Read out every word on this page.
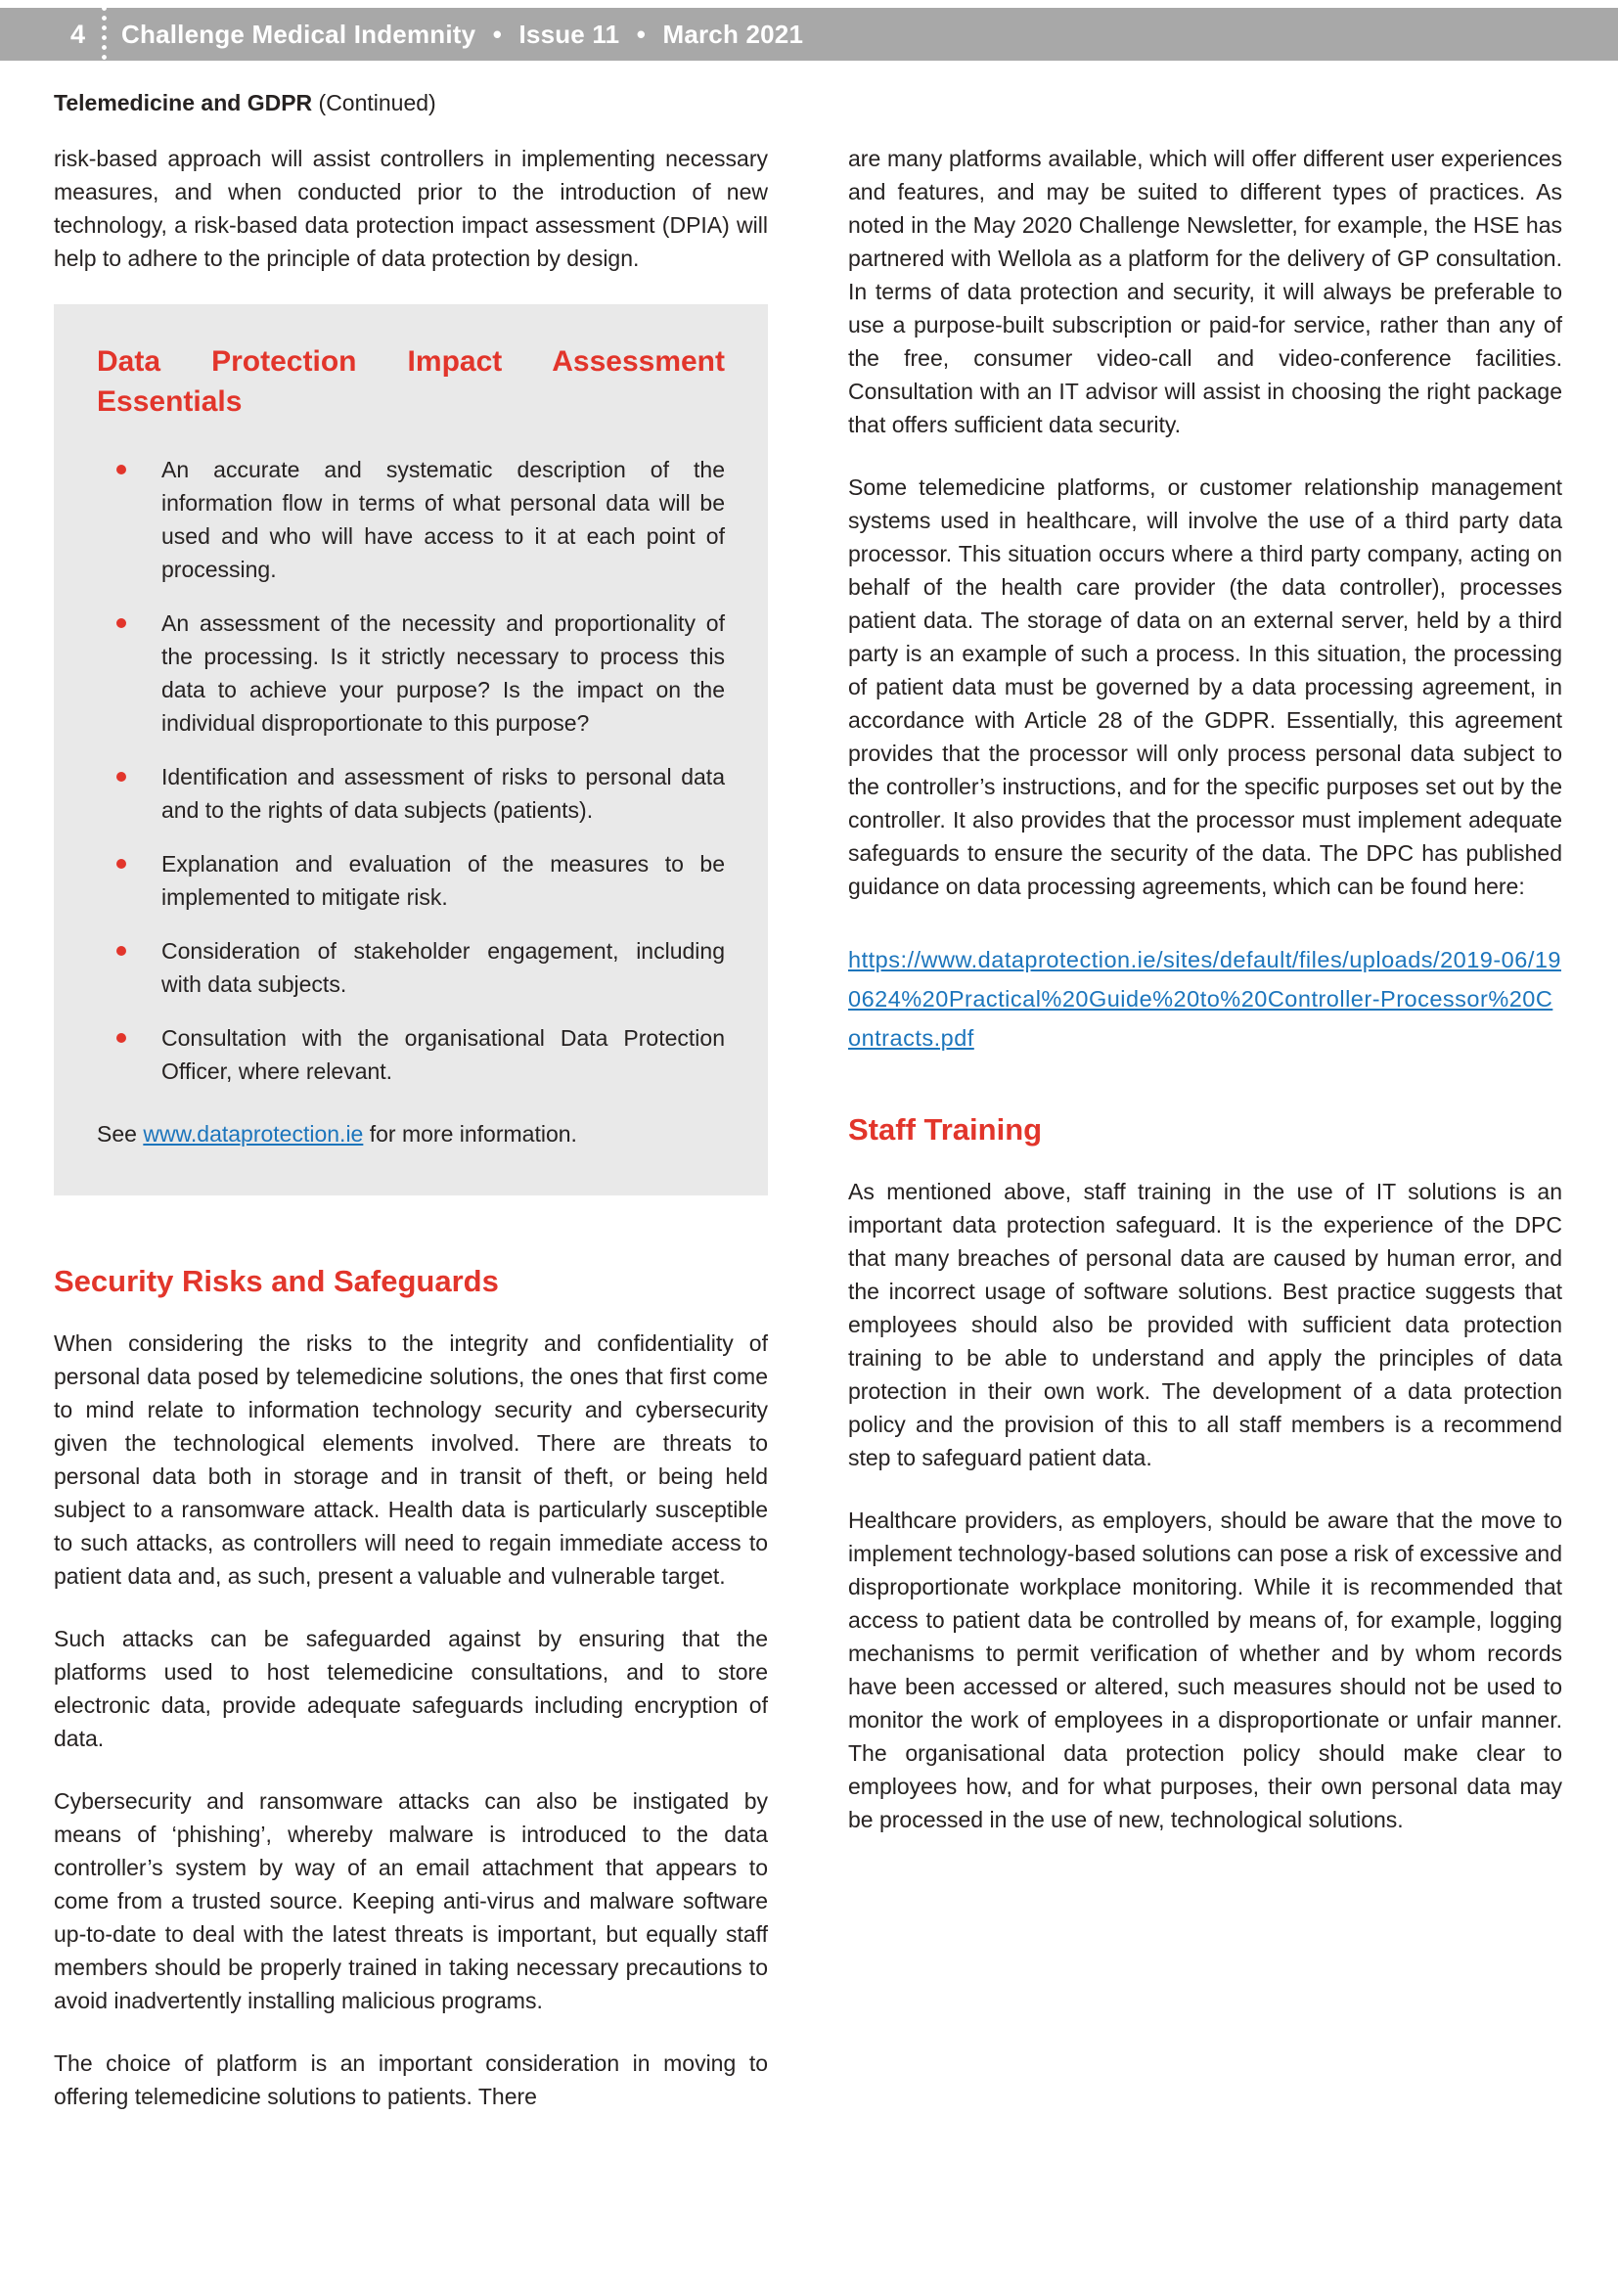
4 Challenge Medical Indemnity • Issue 11 • March 2021
Telemedicine and GDPR (Continued)

risk-based approach will assist controllers in implementing necessary measures, and when conducted prior to the introduction of new technology, a risk-based data protection impact assessment (DPIA) will help to adhere to the principle of data protection by design.

Data Protection Impact Assessment Essentials
An accurate and systematic description of the information flow in terms of what personal data will be used and who will have access to it at each point of processing.
An assessment of the necessity and proportionality of the processing. Is it strictly necessary to process this data to achieve your purpose? Is the impact on the individual disproportionate to this purpose?
Identification and assessment of risks to personal data and to the rights of data subjects (patients).
Explanation and evaluation of the measures to be implemented to mitigate risk.
Consideration of stakeholder engagement, including with data subjects.
Consultation with the organisational Data Protection Officer, where relevant.
See www.dataprotection.ie for more information.
Security Risks and Safeguards

When considering the risks to the integrity and confidentiality of personal data posed by telemedicine solutions, the ones that first come to mind relate to information technology security and cybersecurity given the technological elements involved. There are threats to personal data both in storage and in transit of theft, or being held subject to a ransomware attack. Health data is particularly susceptible to such attacks, as controllers will need to regain immediate access to patient data and, as such, present a valuable and vulnerable target.

Such attacks can be safeguarded against by ensuring that the platforms used to host telemedicine consultations, and to store electronic data, provide adequate safeguards including encryption of data.

Cybersecurity and ransomware attacks can also be instigated by means of ‘phishing’, whereby malware is introduced to the data controller’s system by way of an email attachment that appears to come from a trusted source. Keeping anti-virus and malware software up-to-date to deal with the latest threats is important, but equally staff members should be properly trained in taking necessary precautions to avoid inadvertently installing malicious programs.

The choice of platform is an important consideration in moving to offering telemedicine solutions to patients. There

are many platforms available, which will offer different user experiences and features, and may be suited to different types of practices. As noted in the May 2020 Challenge Newsletter, for example, the HSE has partnered with Wellola as a platform for the delivery of GP consultation. In terms of data protection and security, it will always be preferable to use a purpose-built subscription or paid-for service, rather than any of the free, consumer video-call and video-conference facilities. Consultation with an IT advisor will assist in choosing the right package that offers sufficient data security.

Some telemedicine platforms, or customer relationship management systems used in healthcare, will involve the use of a third party data processor. This situation occurs where a third party company, acting on behalf of the health care provider (the data controller), processes patient data. The storage of data on an external server, held by a third party is an example of such a process. In this situation, the processing of patient data must be governed by a data processing agreement, in accordance with Article 28 of the GDPR. Essentially, this agreement provides that the processor will only process personal data subject to the controller’s instructions, and for the specific purposes set out by the controller. It also provides that the processor must implement adequate safeguards to ensure the security of the data. The DPC has published guidance on data processing agreements, which can be found here:

https://www.dataprotection.ie/sites/default/files/uploads/2019-06/190624%20Practical%20Guide%20to%20Controller-Processor%20Contracts.pdf
Staff Training

As mentioned above, staff training in the use of IT solutions is an important data protection safeguard. It is the experience of the DPC that many breaches of personal data are caused by human error, and the incorrect usage of software solutions. Best practice suggests that employees should also be provided with sufficient data protection training to be able to understand and apply the principles of data protection in their own work. The development of a data protection policy and the provision of this to all staff members is a recommend step to safeguard patient data.

Healthcare providers, as employers, should be aware that the move to implement technology-based solutions can pose a risk of excessive and disproportionate workplace monitoring. While it is recommended that access to patient data be controlled by means of, for example, logging mechanisms to permit verification of whether and by whom records have been accessed or altered, such measures should not be used to monitor the work of employees in a disproportionate or unfair manner. The organisational data protection policy should make clear to employees how, and for what purposes, their own personal data may be processed in the use of new, technological solutions.
